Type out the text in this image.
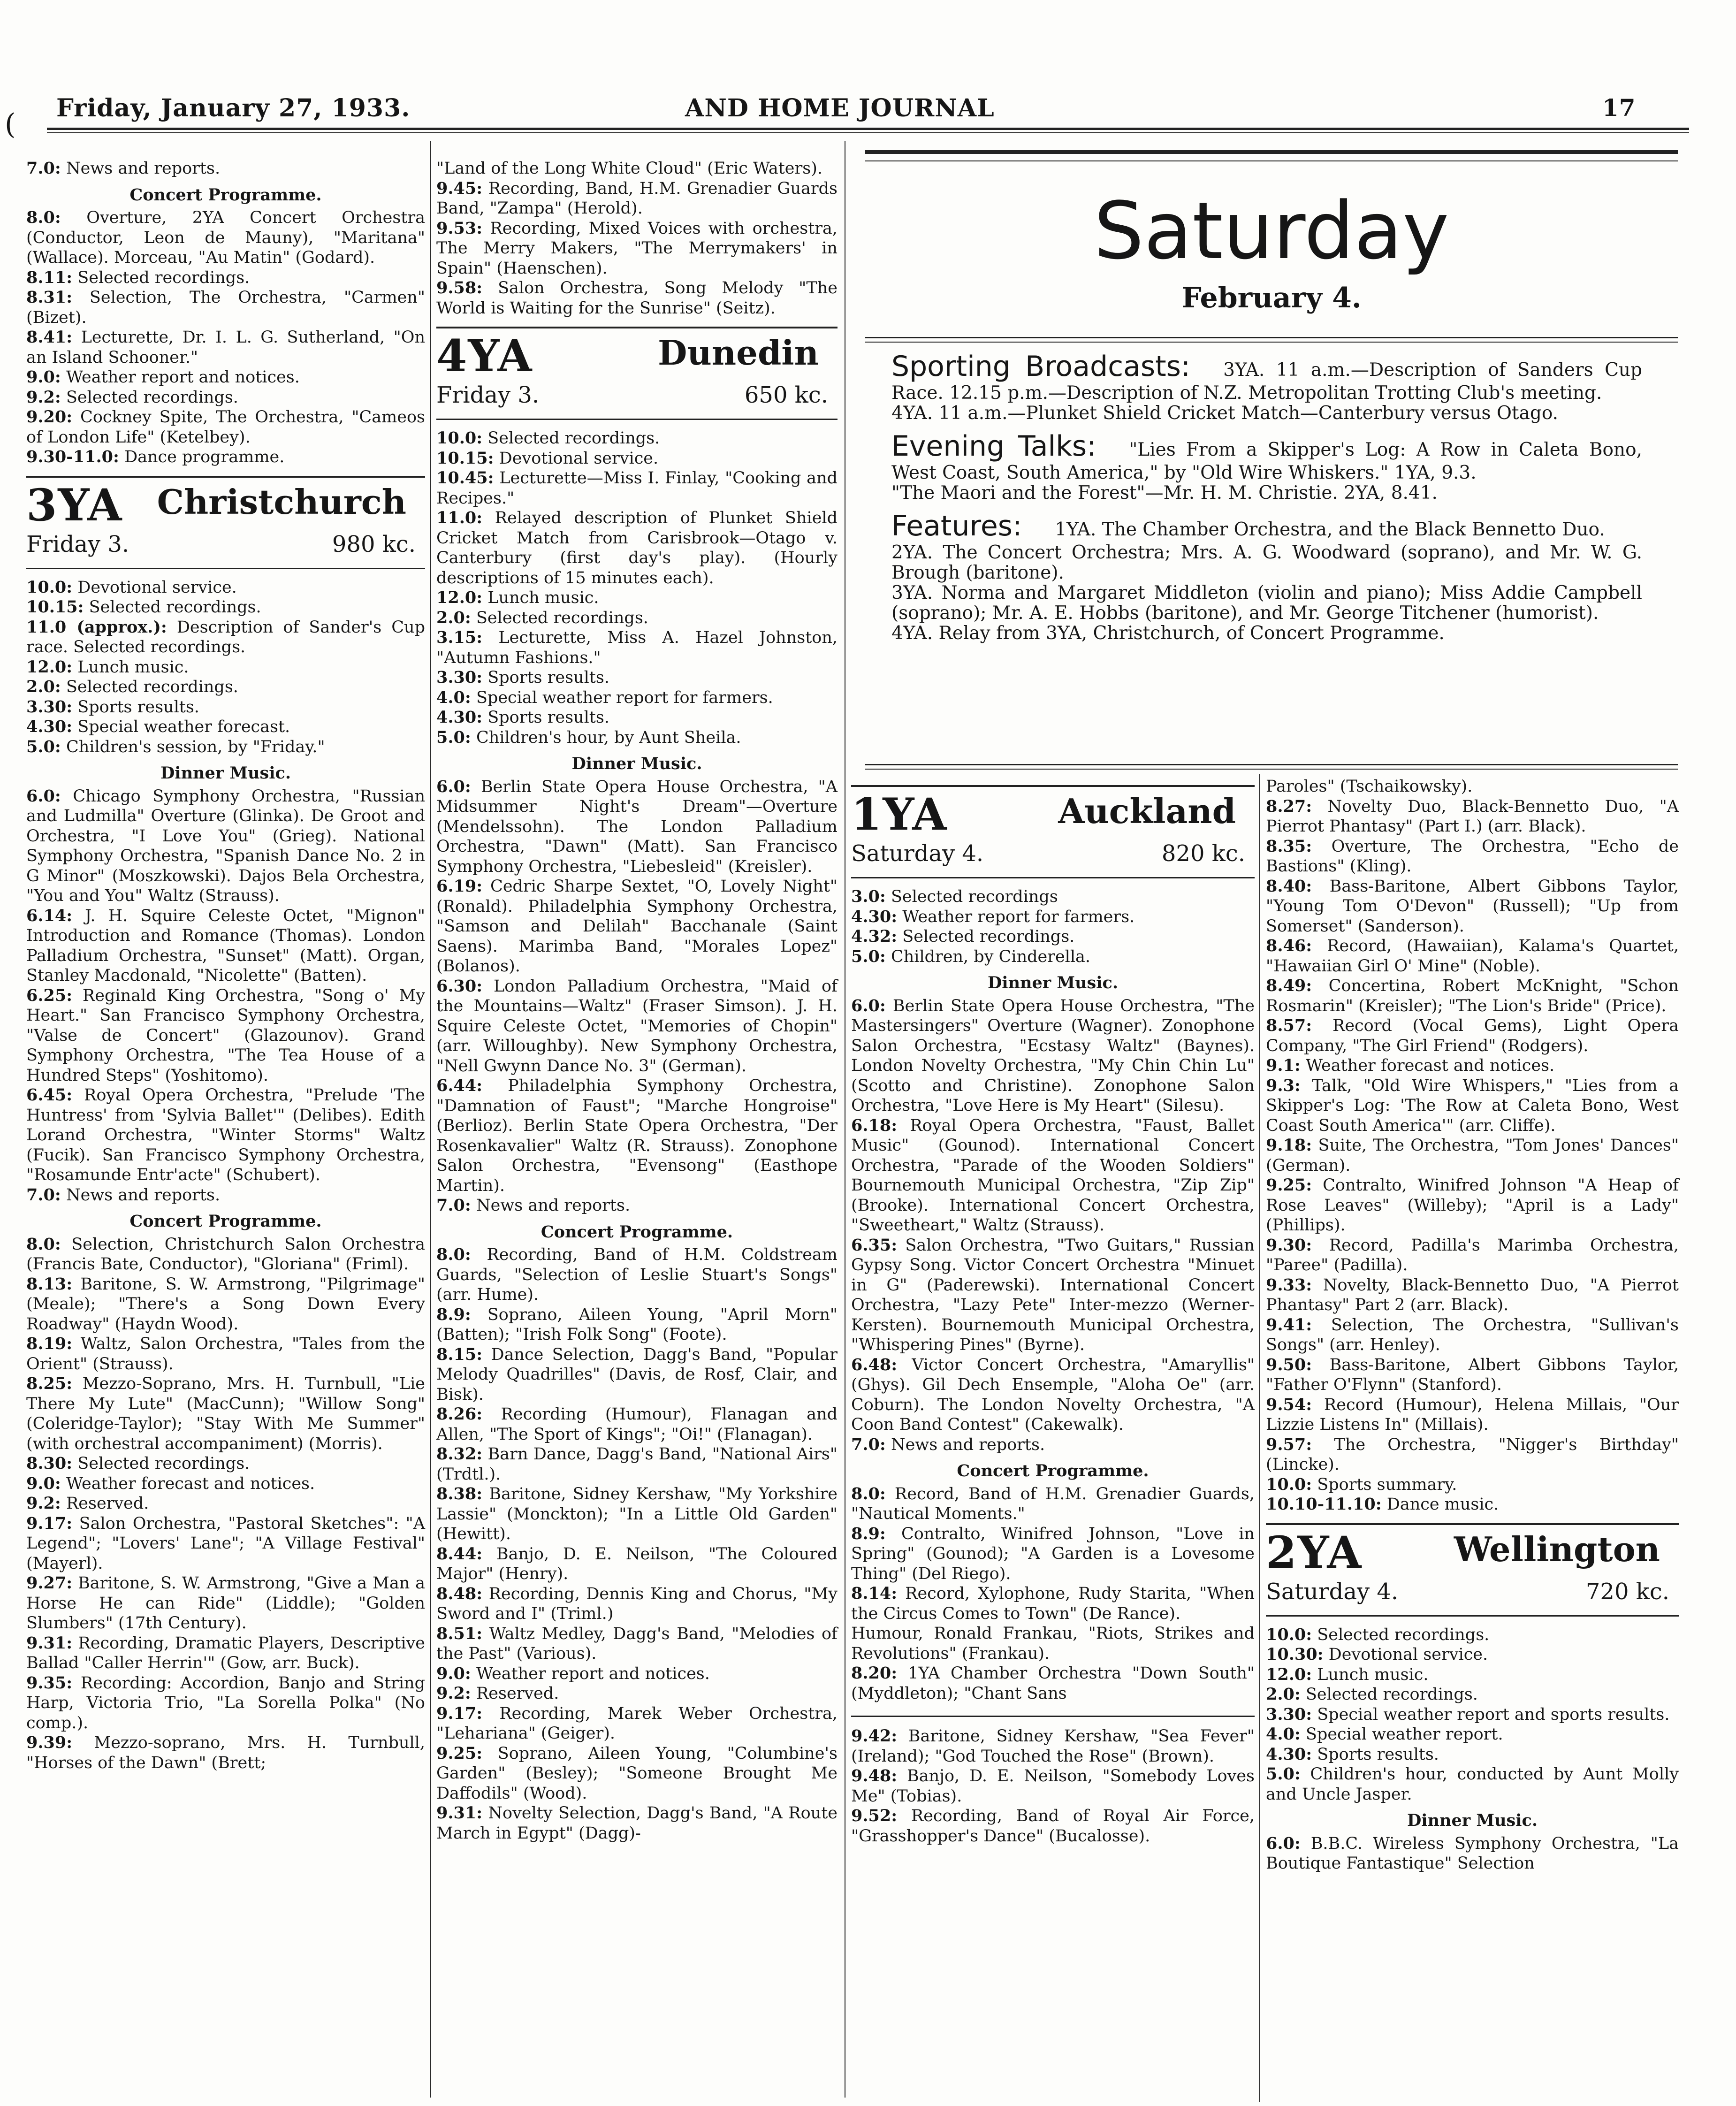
Friday, January 27, 1933.	AND HOME JOURNAL	17

7.0: News and reports.

Concert Programme.

8.0: Overture, 2YA Concert Orchestra (Conductor, Leon de Mauny), "Maritana" (Wallace). Morceau, "Au Matin" (Godard).

8.11: Selected recordings.

8.31: Selection, The Orchestra, "Carmen" (Bizet).

8.41: Lecturette, Dr. I. L. G. Sutherland, "On an Island Schooner."

9.0: Weather report and notices.

9.2: Selected recordings.

9.20: Cockney Spite, The Orchestra, "Cameos of London Life" (Ketelbey).

9.30-11.0: Dance programme.

3YA Christchurch
Friday 3.	980 kc.

10.0: Devotional service.

10.15: Selected recordings.

11.0 (approx.): Description of Sander's Cup race. Selected recordings.

12.0: Lunch music.

2.0: Selected recordings.

3.30: Sports results.

4.30: Special weather forecast.

5.0: Children's session, by "Friday."

Dinner Music.

6.0: Chicago Symphony Orchestra, "Russian and Ludmilla" Overture (Glinka). De Groot and Orchestra, "I Love You" (Grieg). National Symphony Orchestra, "Spanish Dance No. 2 in G Minor" (Moszkowski). Dajos Bela Orchestra, "You and You" Waltz (Strauss).

6.14: J. H. Squire Celeste Octet, "Mignon" Introduction and Romance (Thomas). London Palladium Orchestra, "Sunset" (Matt). Organ, Stanley Macdonald, "Nicolette" (Batten).

6.25: Reginald King Orchestra, "Song o' My Heart." San Francisco Symphony Orchestra, "Valse de Concert" (Glazounov). Grand Symphony Orchestra, "The Tea House of a Hundred Steps" (Yoshitomo).

6.45: Royal Opera Orchestra, "Prelude 'The Huntress' from 'Sylvia Ballet'" (Delibes). Edith Lorand Orchestra, "Winter Storms" Waltz (Fucik). San Francisco Symphony Orchestra, "Rosamunde Entr'acte" (Schubert).

7.0: News and reports.

Concert Programme.

8.0: Selection, Christchurch Salon Orchestra (Francis Bate, Conductor), "Gloriana" (Friml).

8.13: Baritone, S. W. Armstrong, "Pilgrimage" (Meale); "There's a Song Down Every Roadway" (Haydn Wood).

8.19: Waltz, Salon Orchestra, "Tales from the Orient" (Strauss).

8.25: Mezzo-Soprano, Mrs. H. Turnbull, "Lie There My Lute" (MacCunn); "Willow Song" (Coleridge-Taylor); "Stay With Me Summer" (with orchestral accompaniment) (Morris).

8.30: Selected recordings.

9.0: Weather forecast and notices.

9.2: Reserved.

9.17: Salon Orchestra, "Pastoral Sketches": "A Legend"; "Lovers' Lane"; "A Village Festival" (Mayerl).

9.27: Baritone, S. W. Armstrong, "Give a Man a Horse He can Ride" (Liddle); "Golden Slumbers" (17th Century).

9.31: Recording, Dramatic Players, Descriptive Ballad "Caller Herrin'" (Gow, arr. Buck).

9.35: Recording: Accordion, Banjo and String Harp, Victoria Trio, "La Sorella Polka" (No comp.).

9.39: Mezzo-soprano, Mrs. H. Turnbull, "Horses of the Dawn" (Brett;

"Land of the Long White Cloud" (Eric Waters).

9.45: Recording, Band, H.M. Grenadier Guards Band, "Zampa" (Herold).

9.53: Recording, Mixed Voices with orchestra, The Merry Makers, "The Merrymakers' in Spain" (Haenschen).

9.58: Salon Orchestra, Song Melody "The World is Waiting for the Sunrise" (Seitz).

4YA	Dunedin
Friday 3.	650 kc.

10.0: Selected recordings.

10.15: Devotional service.

10.45: Lecturette—Miss I. Finlay, "Cooking and Recipes."

11.0: Relayed description of Plunket Shield Cricket Match from Carisbrook—Otago v. Canterbury (first day's play). (Hourly descriptions of 15 minutes each).

12.0: Lunch music.

2.0: Selected recordings.

3.15: Lecturette, Miss A. Hazel Johnston, "Autumn Fashions."

3.30: Sports results.

4.0: Special weather report for farmers.

4.30: Sports results.

5.0: Children's hour, by Aunt Sheila.

Dinner Music.

6.0: Berlin State Opera House Orchestra, "A Midsummer Night's Dream"—Overture (Mendelssohn). The London Palladium Orchestra, "Dawn" (Matt). San Francisco Symphony Orchestra, "Liebesleid" (Kreisler).

6.19: Cedric Sharpe Sextet, "O, Lovely Night" (Ronald). Philadelphia Symphony Orchestra, "Samson and Delilah" Bacchanale (Saint Saens). Marimba Band, "Morales Lopez" (Bolanos).

6.30: London Palladium Orchestra, "Maid of the Mountains—Waltz" (Fraser Simson). J. H. Squire Celeste Octet, "Memories of Chopin" (arr. Willoughby). New Symphony Orchestra, "Nell Gwynn Dance No. 3" (German).

6.44: Philadelphia Symphony Orchestra, "Damnation of Faust"; "Marche Hongroise" (Berlioz). Berlin State Opera Orchestra, "Der Rosenkavalier" Waltz (R. Strauss). Zonophone Salon Orchestra, "Evensong" (Easthope Martin).

7.0: News and reports.

Concert Programme.

8.0: Recording, Band of H.M. Coldstream Guards, "Selection of Leslie Stuart's Songs" (arr. Hume).

8.9: Soprano, Aileen Young, "April Morn" (Batten); "Irish Folk Song" (Foote).

8.15: Dance Selection, Dagg's Band, "Popular Melody Quadrilles" (Davis, de Rosf, Clair, and Bisk).

8.26: Recording (Humour), Flanagan and Allen, "The Sport of Kings"; "Oi!" (Flanagan).

8.32: Barn Dance, Dagg's Band, "National Airs" (Trdtl.).

8.38: Baritone, Sidney Kershaw, "My Yorkshire Lassie" (Monckton); "In a Little Old Garden" (Hewitt).

8.44: Banjo, D. E. Neilson, "The Coloured Major" (Henry).

8.48: Recording, Dennis King and Chorus, "My Sword and I" (Triml.)

8.51: Waltz Medley, Dagg's Band, "Melodies of the Past" (Various).

9.0: Weather report and notices.

9.2: Reserved.

9.17: Recording, Marek Weber Orchestra, "Lehariana" (Geiger).

9.25: Soprano, Aileen Young, "Columbine's Garden" (Besley); "Someone Brought Me Daffodils" (Wood).

9.31: Novelty Selection, Dagg's Band, "A Route March in Egypt" (Dagg)-

Saturday
February 4.
Sporting Broadcasts: 3YA. 11 a.m.—Description of Sanders Cup Race. 12.15 p.m.—Description of N.Z. Metropolitan Trotting Club's meeting.
4YA. 11 a.m.—Plunket Shield Cricket Match—Canterbury versus Otago.
Evening Talks: "Lies From a Skipper's Log: A Row in Caleta Bono, West Coast, South America," by "Old Wire Whiskers." 1YA, 9.3.
"The Maori and the Forest"—Mr. H. M. Christie. 2YA, 8.41.
Features: 1YA. The Chamber Orchestra, and the Black Bennetto Duo.
2YA. The Concert Orchestra; Mrs. A. G. Woodward (soprano), and Mr. W. G. Brough (baritone).
3YA. Norma and Margaret Middleton (violin and piano); Miss Addie Campbell (soprano); Mr. A. E. Hobbs (baritone), and Mr. George Titchener (humorist).
4YA. Relay from 3YA, Christchurch, of Concert Programme.
1YA	Auckland
Saturday 4.	820 kc.

3.0: Selected recordings

4.30: Weather report for farmers.

4.32: Selected recordings.

5.0: Children, by Cinderella.

Dinner Music.

6.0: Berlin State Opera House Orchestra, "The Mastersingers" Overture (Wagner). Zonophone Salon Orchestra, "Ecstasy Waltz" (Baynes). London Novelty Orchestra, "My Chin Chin Lu" (Scotto and Christine). Zonophone Salon Orchestra, "Love Here is My Heart" (Silesu).

6.18: Royal Opera Orchestra, "Faust, Ballet Music" (Gounod). International Concert Orchestra, "Parade of the Wooden Soldiers" Bournemouth Municipal Orchestra, "Zip Zip" (Brooke). International Concert Orchestra, "Sweetheart," Waltz (Strauss).

6.35: Salon Orchestra, "Two Guitars," Russian Gypsy Song. Victor Concert Orchestra "Minuet in G" (Paderewski). International Concert Orchestra, "Lazy Pete" Inter-mezzo (Werner-Kersten). Bournemouth Municipal Orchestra, "Whispering Pines" (Byrne).

6.48: Victor Concert Orchestra, "Amaryllis" (Ghys). Gil Dech Ensemple, "Aloha Oe" (arr. Coburn). The London Novelty Orchestra, "A Coon Band Contest" (Cakewalk).

7.0: News and reports.

Concert Programme.

8.0: Record, Band of H.M. Grenadier Guards, "Nautical Moments."

8.9: Contralto, Winifred Johnson, "Love in Spring" (Gounod); "A Garden is a Lovesome Thing" (Del Riego).

8.14: Record, Xylophone, Rudy Starita, "When the Circus Comes to Town" (De Rance).

Humour, Ronald Frankau, "Riots, Strikes and Revolutions" (Frankau).

8.20: 1YA Chamber Orchestra "Down South" (Myddleton); "Chant Sans

9.42: Baritone, Sidney Kershaw, "Sea Fever" (Ireland); "God Touched the Rose" (Brown).

9.48: Banjo, D. E. Neilson, "Somebody Loves Me" (Tobias).

9.52: Recording, Band of Royal Air Force, "Grasshopper's Dance" (Bucalosse).

Paroles" (Tschaikowsky).

8.27: Novelty Duo, Black-Bennetto Duo, "A Pierrot Phantasy" (Part I.) (arr. Black).

8.35: Overture, The Orchestra, "Echo de Bastions" (Kling).

8.40: Bass-Baritone, Albert Gibbons Taylor, "Young Tom O'Devon" (Russell); "Up from Somerset" (Sanderson).

8.46: Record, (Hawaiian), Kalama's Quartet, "Hawaiian Girl O' Mine" (Noble).

8.49: Concertina, Robert McKnight, "Schon Rosmarin" (Kreisler); "The Lion's Bride" (Price).

8.57: Record (Vocal Gems), Light Opera Company, "The Girl Friend" (Rodgers).

9.1: Weather forecast and notices.

9.3: Talk, "Old Wire Whispers," "Lies from a Skipper's Log: 'The Row at Caleta Bono, West Coast South America'" (arr. Cliffe).

9.18: Suite, The Orchestra, "Tom Jones' Dances" (German).

9.25: Contralto, Winifred Johnson "A Heap of Rose Leaves" (Willeby); "April is a Lady" (Phillips).

9.30: Record, Padilla's Marimba Orchestra, "Paree" (Padilla).

9.33: Novelty, Black-Bennetto Duo, "A Pierrot Phantasy" Part 2 (arr. Black).

9.41: Selection, The Orchestra, "Sullivan's Songs" (arr. Henley).

9.50: Bass-Baritone, Albert Gibbons Taylor, "Father O'Flynn" (Stanford).

9.54: Record (Humour), Helena Millais, "Our Lizzie Listens In" (Millais).

9.57: The Orchestra, "Nigger's Birthday" (Lincke).

10.0: Sports summary.

10.10-11.10: Dance music.

2YA	Wellington
Saturday 4.	720 kc.

10.0: Selected recordings.

10.30: Devotional service.

12.0: Lunch music.

2.0: Selected recordings.

3.30: Special weather report and sports results.

4.0: Special weather report.

4.30: Sports results.

5.0: Children's hour, conducted by Aunt Molly and Uncle Jasper.

Dinner Music.

6.0: B.B.C. Wireless Symphony Orchestra, "La Boutique Fantastique" Selection

(
